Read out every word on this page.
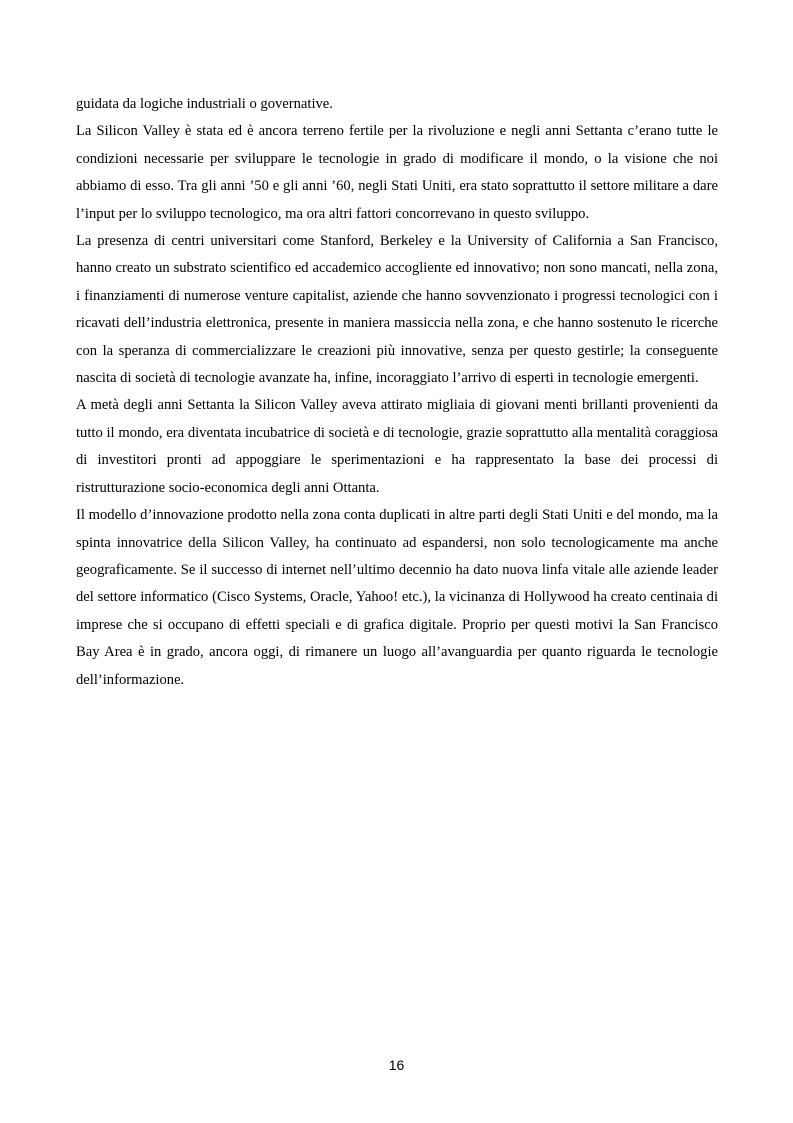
guidata da logiche industriali o governative.

La Silicon Valley è stata ed è ancora terreno fertile per la rivoluzione e negli anni Settanta c’erano tutte le condizioni necessarie per sviluppare le tecnologie in grado di modificare il mondo, o la visione che noi abbiamo di esso. Tra gli anni ’50 e gli anni ’60, negli Stati Uniti, era stato soprattutto il settore militare a dare l’input per lo sviluppo tecnologico, ma ora altri fattori concorrevano in questo sviluppo.

La presenza di centri universitari come Stanford, Berkeley e la University of California a San Francisco, hanno creato un substrato scientifico ed accademico accogliente ed innovativo; non sono mancati, nella zona, i finanziamenti di numerose venture capitalist, aziende che hanno sovvenzionato i progressi tecnologici con i ricavati dell’industria elettronica, presente in maniera massiccia nella zona, e che hanno sostenuto le ricerche con la speranza di commercializzare le creazioni più innovative, senza per questo gestirle; la conseguente nascita di società di tecnologie avanzate ha, infine, incoraggiato l’arrivo di esperti in tecnologie emergenti.

A metà degli anni Settanta la Silicon Valley aveva attirato migliaia di giovani menti brillanti provenienti da tutto il mondo, era diventata incubatrice di società e di tecnologie, grazie soprattutto alla mentalità coraggiosa di investitori pronti ad appoggiare le sperimentazioni e ha rappresentato la base dei processi di ristrutturazione socio-economica degli anni Ottanta.

Il modello d’innovazione prodotto nella zona conta duplicati in altre parti degli Stati Uniti e del mondo, ma la spinta innovatrice della Silicon Valley, ha continuato ad espandersi, non solo tecnologicamente ma anche geograficamente. Se il successo di internet nell’ultimo decennio ha dato nuova linfa vitale alle aziende leader del settore informatico (Cisco Systems, Oracle, Yahoo! etc.), la vicinanza di Hollywood ha creato centinaia di imprese che si occupano di effetti speciali e di grafica digitale. Proprio per questi motivi la San Francisco Bay Area è in grado, ancora oggi, di rimanere un luogo all’avanguardia per quanto riguarda le tecnologie dell’informazione.

16
